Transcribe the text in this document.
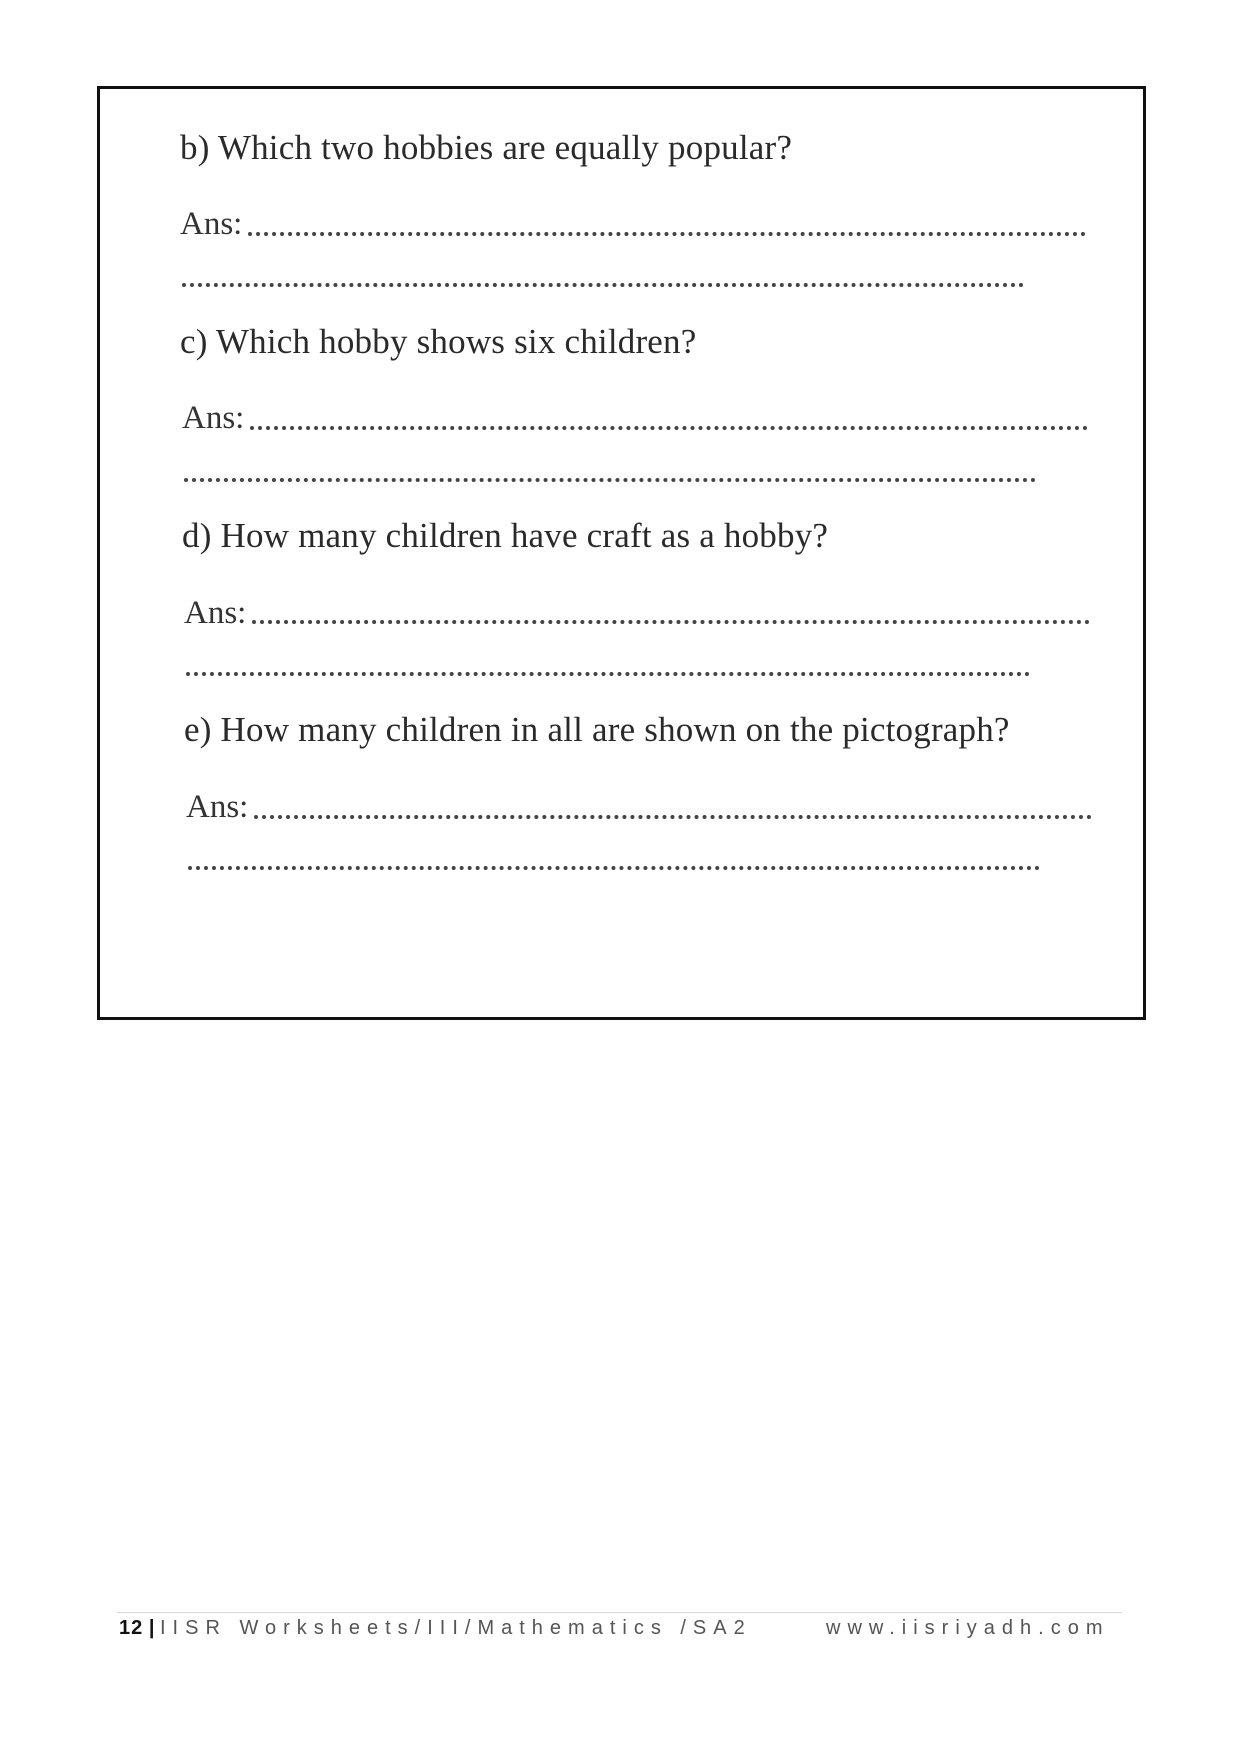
b) Which two hobbies are equally popular?
Ans:
c) Which hobby shows six children?
Ans:
d) How many children have craft as a hobby?
Ans:
e) How many children in all are shown on the pictograph?
Ans:
12 | IISR Worksheets/III/Mathematics /SA2	www.iisriyadh.com
